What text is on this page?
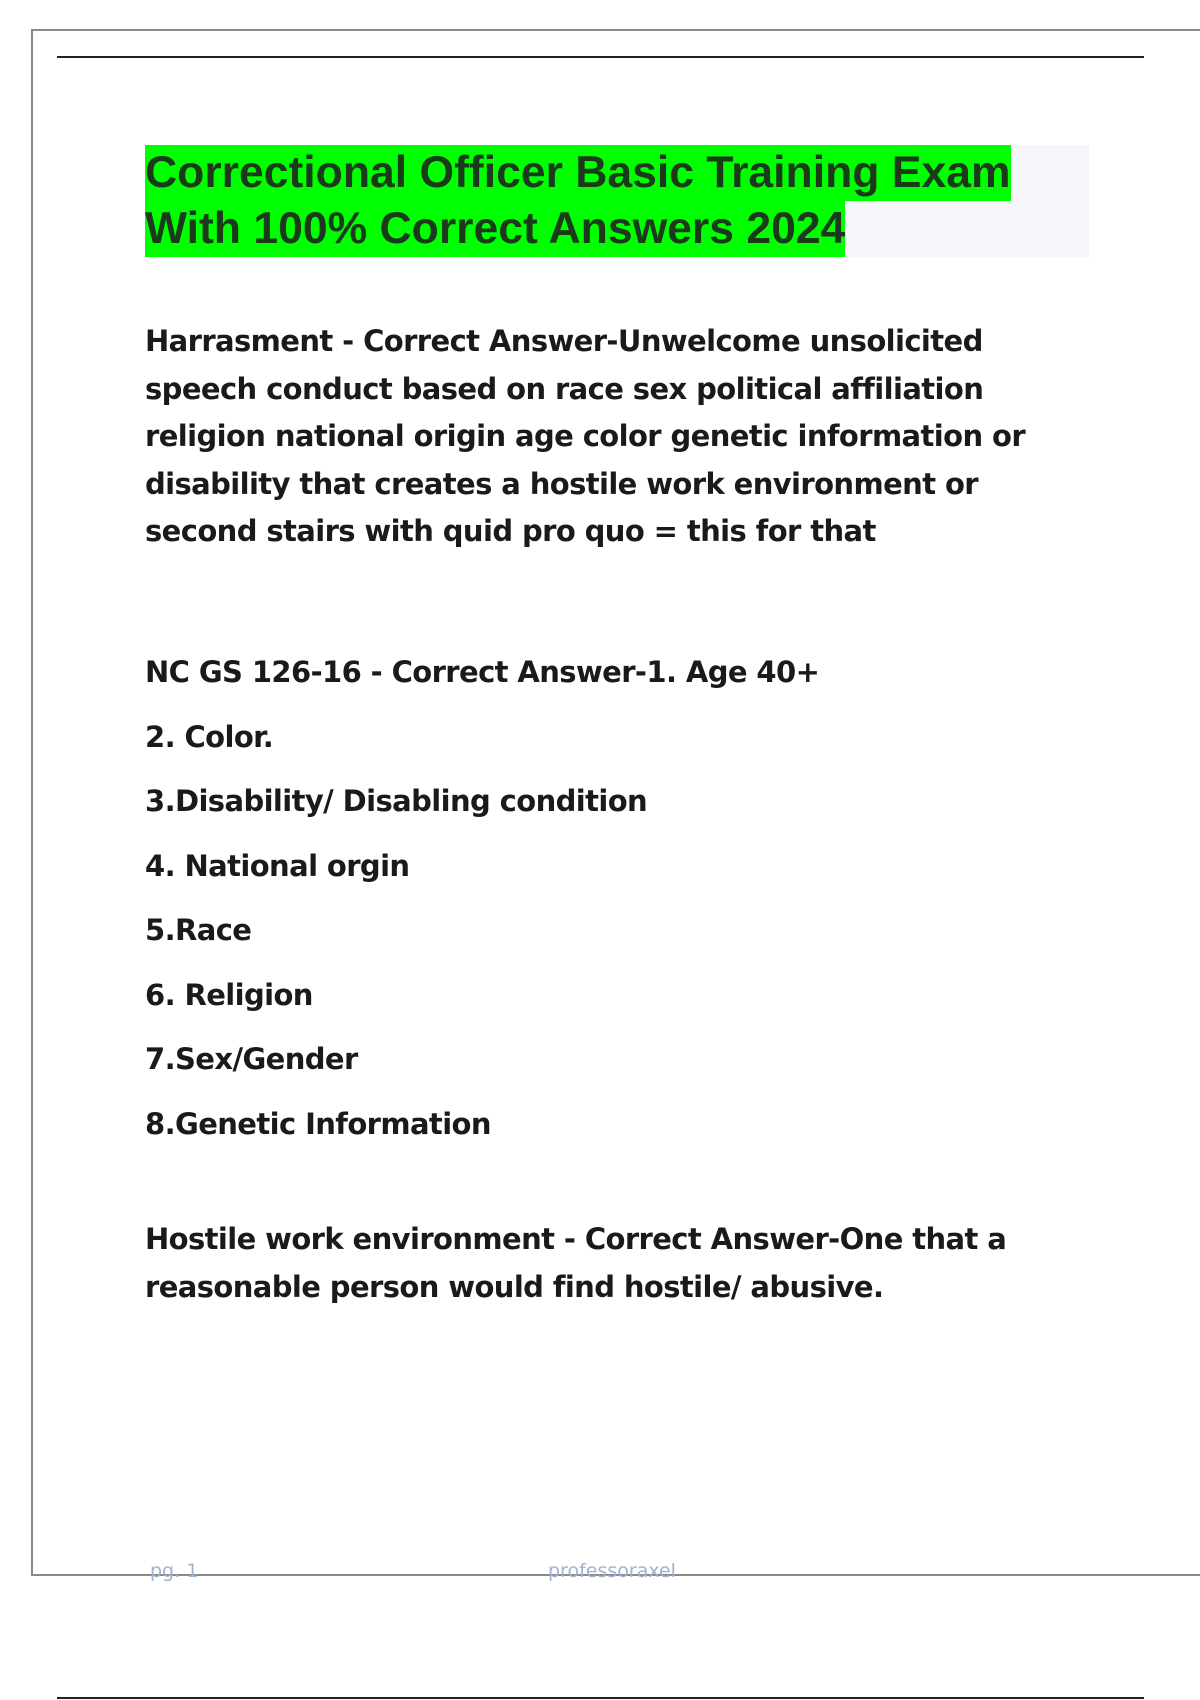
Correctional Officer Basic Training Exam
With 100% Correct Answers 2024

Harrasment - Correct Answer-Unwelcome unsolicited speech conduct based on race sex political affiliation religion national origin age color genetic information or disability that creates a hostile work environment or second stairs with quid pro quo = this for that

NC GS 126-16 - Correct Answer-1. Age 40+

2. Color.

3.Disability/ Disabling condition

4. National orgin

5.Race

6. Religion

7.Sex/Gender

8.Genetic Information

Hostile work environment - Correct Answer-One that a reasonable person would find hostile/ abusive.

pg. 1	professoraxel
